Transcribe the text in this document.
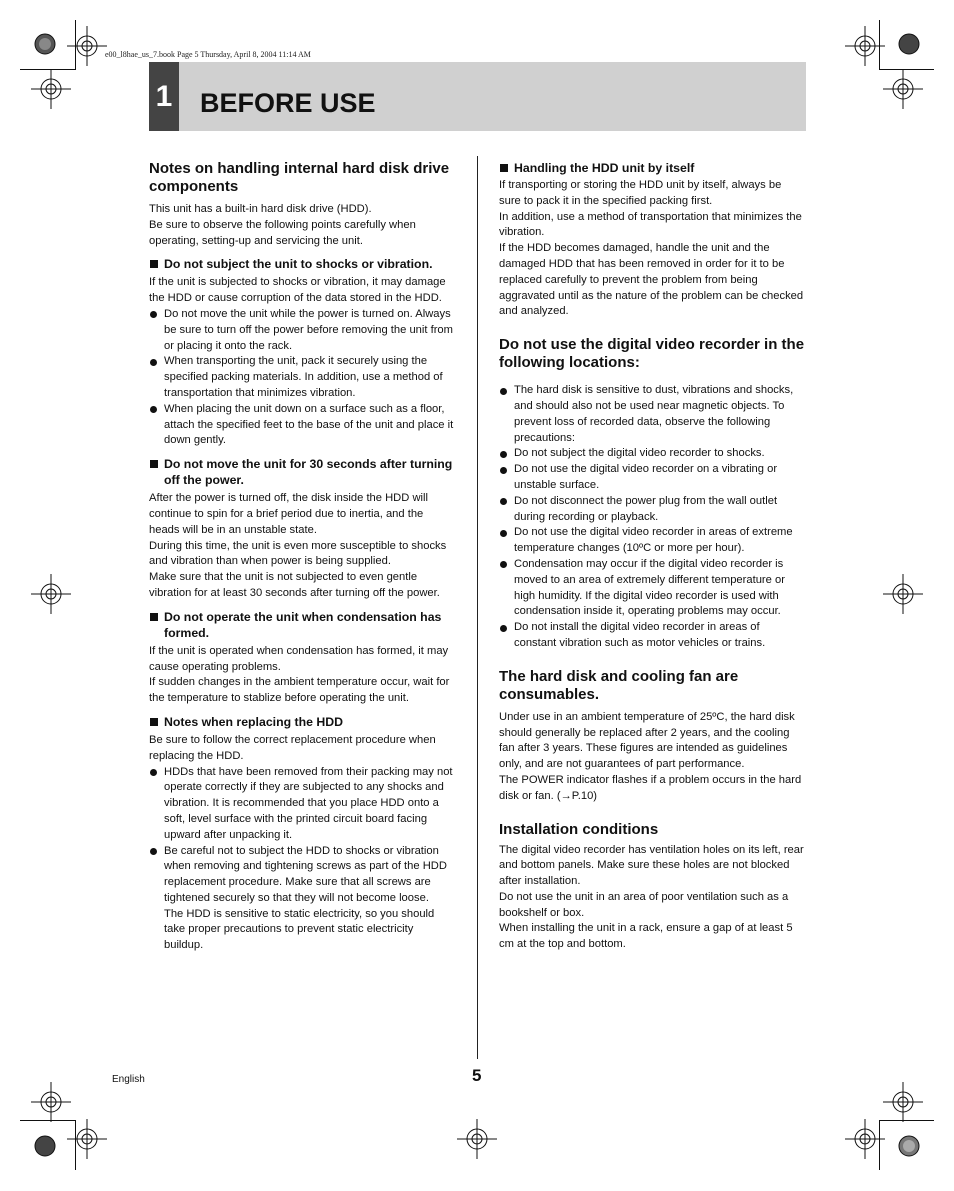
e00_l8hae_us_7.book Page 5 Thursday, April 8, 2004 11:14 AM
1 BEFORE USE
Notes on handling internal hard disk drive components

This unit has a built-in hard disk drive (HDD).

Be sure to observe the following points carefully when operating, setting-up and servicing the unit.

Do not subject the unit to shocks or vibration.

If the unit is subjected to shocks or vibration, it may damage the HDD or cause corruption of the data stored in the HDD.

Do not move the unit while the power is turned on. Always be sure to turn off the power before removing the unit from or placing it onto the rack.
When transporting the unit, pack it securely using the specified packing materials. In addition, use a method of transportation that minimizes vibration.
When placing the unit down on a surface such as a floor, attach the specified feet to the base of the unit and place it down gently.
Do not move the unit for 30 seconds after turning off the power.

After the power is turned off, the disk inside the HDD will continue to spin for a brief period due to inertia, and the heads will be in an unstable state.

During this time, the unit is even more susceptible to shocks and vibration than when power is being supplied.

Make sure that the unit is not subjected to even gentle vibration for at least 30 seconds after turning off the power.

Do not operate the unit when condensation has formed.

If the unit is operated when condensation has formed, it may cause operating problems.

If sudden changes in the ambient temperature occur, wait for the temperature to stablize before operating the unit.

Notes when replacing the HDD

Be sure to follow the correct replacement procedure when replacing the HDD.

HDDs that have been removed from their packing may not operate correctly if they are subjected to any shocks and vibration. It is recommended that you place HDD onto a soft, level surface with the printed circuit board facing upward after unpacking it.
Be careful not to subject the HDD to shocks or vibration when removing and tightening screws as part of the HDD replacement procedure. Make sure that all screws are tightened securely so that they will not become loose.
The HDD is sensitive to static electricity, so you should take proper precautions to prevent static electricity buildup.
Handling the HDD unit by itself

If transporting or storing the HDD unit by itself, always be sure to pack it in the specified packing first.

In addition, use a method of transportation that minimizes the vibration.

If the HDD becomes damaged, handle the unit and the damaged HDD that has been removed in order for it to be replaced carefully to prevent the problem from being aggravated until as the nature of the problem can be checked and analyzed.

Do not use the digital video recorder in the following locations:
The hard disk is sensitive to dust, vibrations and shocks, and should also not be used near magnetic objects. To prevent loss of recorded data, observe the following precautions:
Do not subject the digital video recorder to shocks.
Do not use the digital video recorder on a vibrating or unstable surface.
Do not disconnect the power plug from the wall outlet during recording or playback.
Do not use the digital video recorder in areas of extreme temperature changes (10ºC or more per hour).
Condensation may occur if the digital video recorder is moved to an area of extremely different temperature or high humidity. If the digital video recorder is used with condensation inside it, operating problems may occur.
Do not install the digital video recorder in areas of constant vibration such as motor vehicles or trains.
The hard disk and cooling fan are consumables.

Under use in an ambient temperature of 25ºC, the hard disk should generally be replaced after 2 years, and the cooling fan after 3 years. These figures are intended as guidelines only, and are not guarantees of part performance.

The POWER indicator flashes if a problem occurs in the hard disk or fan. (→P.10)

Installation conditions

The digital video recorder has ventilation holes on its left, rear and bottom panels. Make sure these holes are not blocked after installation.

Do not use the unit in an area of poor ventilation such as a bookshelf or box.

When installing the unit in a rack, ensure a gap of at least 5 cm at the top and bottom.

English	5
